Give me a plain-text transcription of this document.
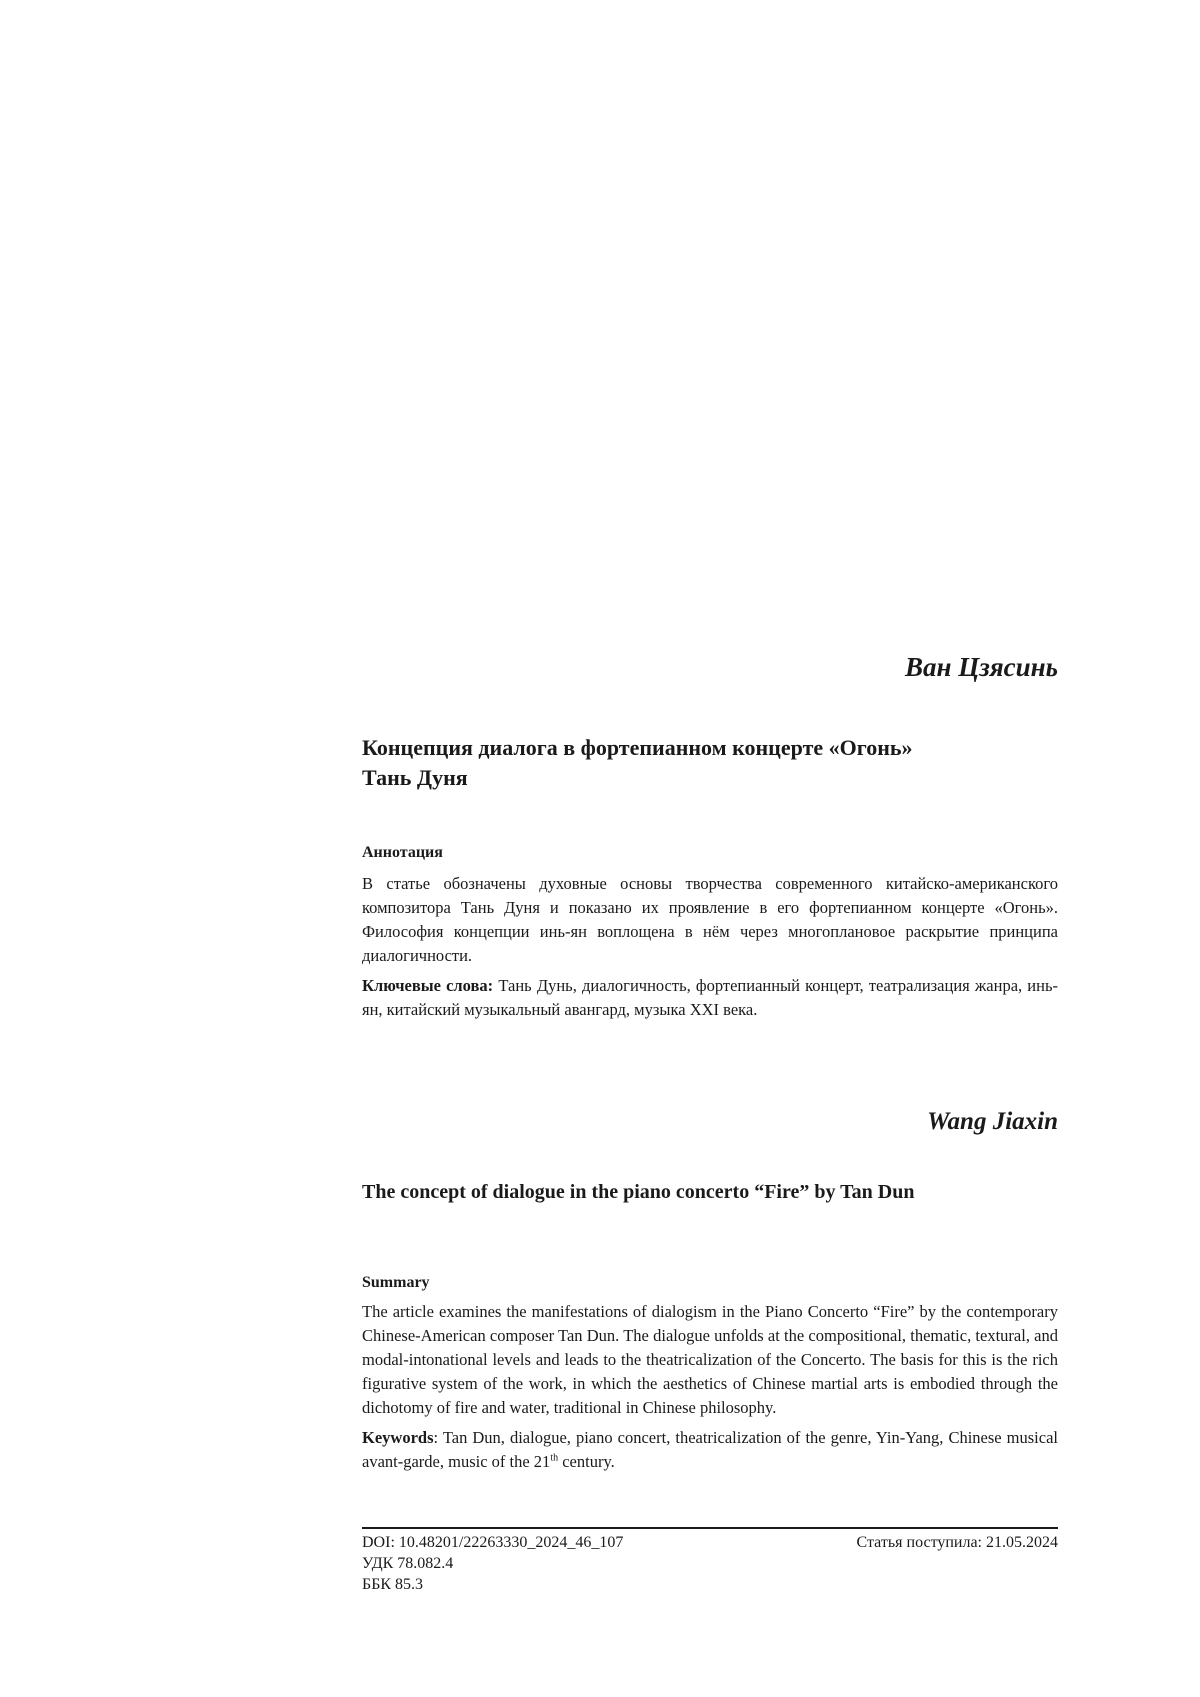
Ван Цзясинь

Концепция диалога в фортепианном концерте «Огонь»

Тань Дуня

Аннотация

В статье обозначены духовные основы творчества современного китайско-американского композитора Тань Дуня и показано их проявление в его фортепианном концерте «Огонь». Философия концепции инь-ян воплощена в нём через многоплановое раскрытие принципа диалогичности.

Ключевые слова: Тань Дунь, диалогичность, фортепианный концерт, театрализация жанра, инь-ян, китайский музыкальный авангард, музыка XXI века.

Wang Jiaxin

The concept of dialogue in the piano concerto “Fire” by Tan Dun

Summary

The article examines the manifestations of dialogism in the Piano Concerto “Fire” by the contemporary Chinese-American composer Tan Dun. The dialogue unfolds at the compositional, thematic, textural, and modal-intonational levels and leads to the theatricalization of the Concerto. The basis for this is the rich figurative system of the work, in which the aesthetics of Chinese martial arts is embodied through the dichotomy of fire and water, traditional in Chinese philosophy.

Keywords: Tan Dun, dialogue, piano concert, theatricalization of the genre, Yin-Yang, Chinese musical avant-garde, music of the 21th century.

DOI: 10.48201/22263330_2024_46_107	Статья поступила: 21.05.2024
УДК 78.082.4
ББК 85.3
